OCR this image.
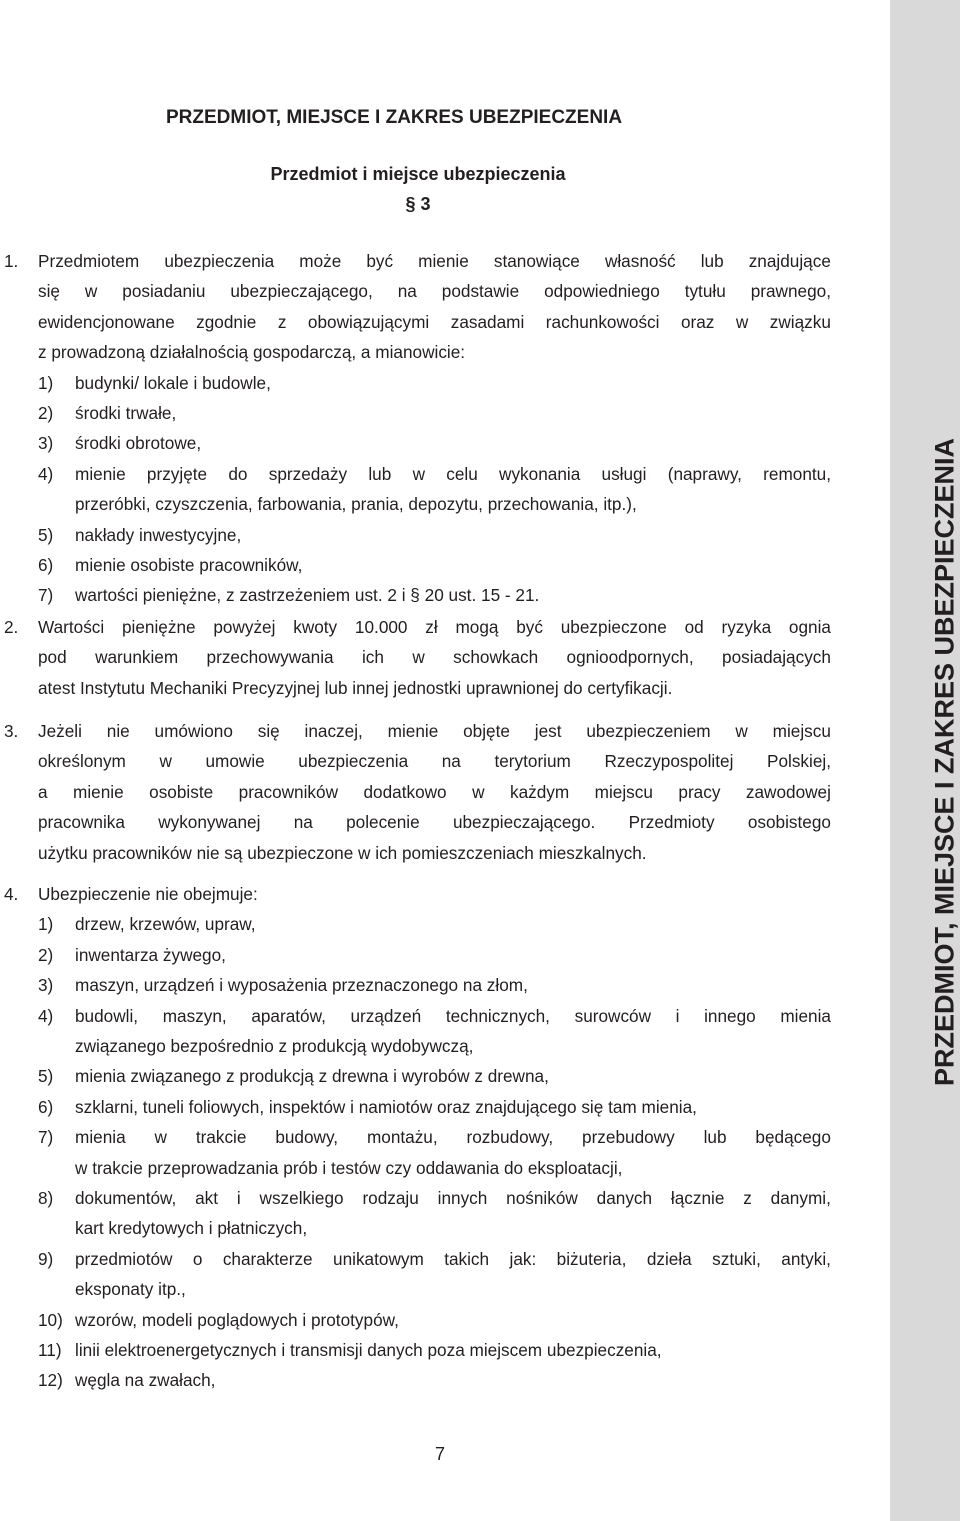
PRZEDMIOT, MIEJSCE I ZAKRES UBEZPIECZENIA
PRZEDMIOT, MIEJSCE I ZAKRES UBEZPIECZENIA
Przedmiot i miejsce ubezpieczenia
§ 3
1. Przedmiotem ubezpieczenia może być mienie stanowiące własność lub znajdujące
się w posiadaniu ubezpieczającego, na podstawie odpowiedniego tytułu prawnego,
ewidencjonowane zgodnie z obowiązującymi zasadami rachunkowości oraz w związku
z prowadzoną działalnością gospodarczą, a mianowicie:
1) budynki/ lokale i budowle,
2) środki trwałe,
3) środki obrotowe,
4) mienie przyjęte do sprzedaży lub w celu wykonania usługi (naprawy, remontu,
przeróbki, czyszczenia, farbowania, prania, depozytu, przechowania, itp.),
5) nakłady inwestycyjne,
6) mienie osobiste pracowników,
7) wartości pieniężne, z zastrzeżeniem ust. 2 i § 20 ust. 15 - 21.
2. Wartości pieniężne powyżej kwoty 10.000 zł mogą być ubezpieczone od ryzyka ognia
pod warunkiem przechowywania ich w schowkach ognioodpornych, posiadających
atest Instytutu Mechaniki Precyzyjnej lub innej jednostki uprawnionej do certyfikacji.
3. Jeżeli nie umówiono się inaczej, mienie objęte jest ubezpieczeniem w miejscu
określonym w umowie ubezpieczenia na terytorium Rzeczypospolitej Polskiej,
a mienie osobiste pracowników dodatkowo w każdym miejscu pracy zawodowej
pracownika wykonywanej na polecenie ubezpieczającego. Przedmioty osobistego
użytku pracowników nie są ubezpieczone w ich pomieszczeniach mieszkalnych.
4. Ubezpieczenie nie obejmuje:
1) drzew, krzewów, upraw,
2) inwentarza żywego,
3) maszyn, urządzeń i wyposażenia przeznaczonego na złom,
4) budowli, maszyn, aparatów, urządzeń technicznych, surowców i innego mienia
związanego bezpośrednio z produkcją wydobywczą,
5) mienia związanego z produkcją z drewna i wyrobów z drewna,
6) szklarni, tuneli foliowych, inspektów i namiotów oraz znajdującego się tam mienia,
7) mienia w trakcie budowy, montażu, rozbudowy, przebudowy lub będącego
w trakcie przeprowadzania prób i testów czy oddawania do eksploatacji,
8) dokumentów, akt i wszelkiego rodzaju innych nośników danych łącznie z danymi,
kart kredytowych i płatniczych,
9) przedmiotów o charakterze unikatowym takich jak: biżuteria, dzieła sztuki, antyki,
eksponaty itp.,
10) wzorów, modeli poglądowych i prototypów,
11) linii elektroenergetycznych i transmisji danych poza miejscem ubezpieczenia,
12) węgla na zwałach,
7
